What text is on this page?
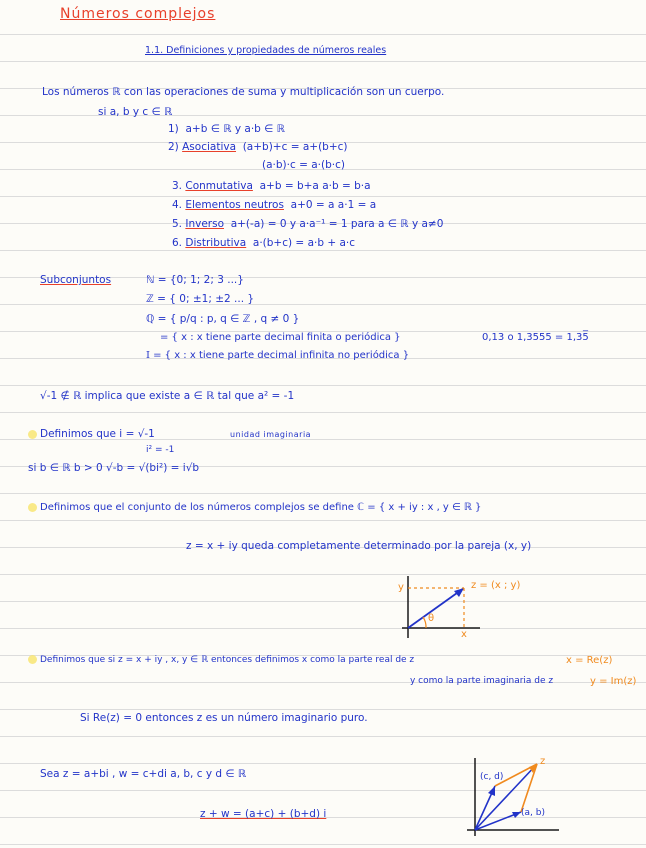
Números complejos
1.1. Definiciones y propiedades de números reales
Los números ℝ con las operaciones de suma y multiplicación son un cuerpo.
si a, b y c ∈ ℝ
1) a+b ∈ ℝ y a·b ∈ ℝ
2) Asociativa (a+b)+c = a+(b+c)
(a·b)·c = a·(b·c)
3. Conmutativa a+b = b+a a·b = b·a
4. Elementos neutros a+0 = a a·1 = a
5. Inverso a+(-a) = 0 y a·a⁻¹ = 1 para a ∈ ℝ y a≠0
6. Distributiva a·(b+c) = a·b + a·c
Subconjuntos	ℕ = {0; 1; 2; 3 ...}
ℤ = { 0; ±1; ±2 ... }
ℚ = { p/q : p, q ∈ ℤ , q ≠ 0 }
= { x : x tiene parte decimal finita o periódica }	0,13 o 1,3555 = 1,35̅
𝕀 = { x : x tiene parte decimal infinita no periódica }
√-1 ∉ ℝ implica que existe a ∈ ℝ tal que a² = -1
Definimos que i = √-1	unidad imaginaria
i² = -1
si b ∈ ℝ b > 0 √-b = √(bi²) = i√b
Definimos que el conjunto de los números complejos se define ℂ = { x + iy : x , y ∈ ℝ }
z = x + iy queda completamente determinado por la pareja (x, y)
z = (x ; y)
y
x
θ
Definimos que si z = x + iy , x, y ∈ ℝ entonces definimos x como la parte real de z	x = Re(z)
y como la parte imaginaria de z	y = Im(z)
Si Re(z) = 0 entonces z es un número imaginario puro.
Sea z = a+bi , w = c+di a, b, c y d ∈ ℝ
z + w = (a+c) + (b+d) i
(c, d)
(a, b)
z
